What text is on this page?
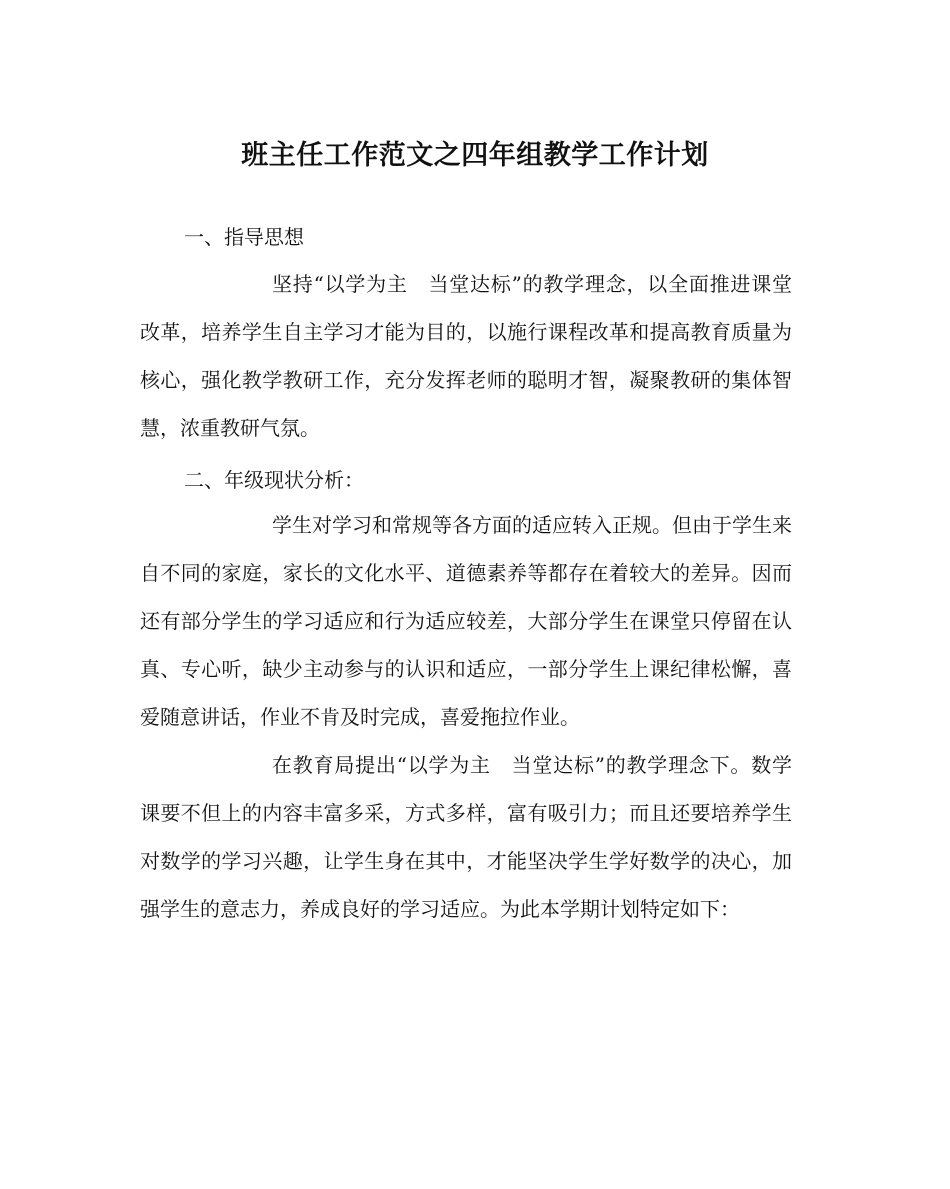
班主任工作范文之四年组教学工作计划

一、指导思想

坚持“以学为主　当堂达标”的教学理念，以全面推进课堂改革，培养学生自主学习才能为目的，以施行课程改革和提高教育质量为核心，强化教学教研工作，充分发挥老师的聪明才智，凝聚教研的集体智慧，浓重教研气氛。

二、年级现状分析：

学生对学习和常规等各方面的适应转入正规。但由于学生来自不同的家庭，家长的文化水平、道德素养等都存在着较大的差异。因而还有部分学生的学习适应和行为适应较差，大部分学生在课堂只停留在认真、专心听，缺少主动参与的认识和适应，一部分学生上课纪律松懈，喜爱随意讲话，作业不肯及时完成，喜爱拖拉作业。

在教育局提出“以学为主　当堂达标”的教学理念下。数学课要不但上的内容丰富多采，方式多样，富有吸引力；而且还要培养学生对数学的学习兴趣，让学生身在其中，才能坚决学生学好数学的决心，加强学生的意志力，养成良好的学习适应。为此本学期计划特定如下：
